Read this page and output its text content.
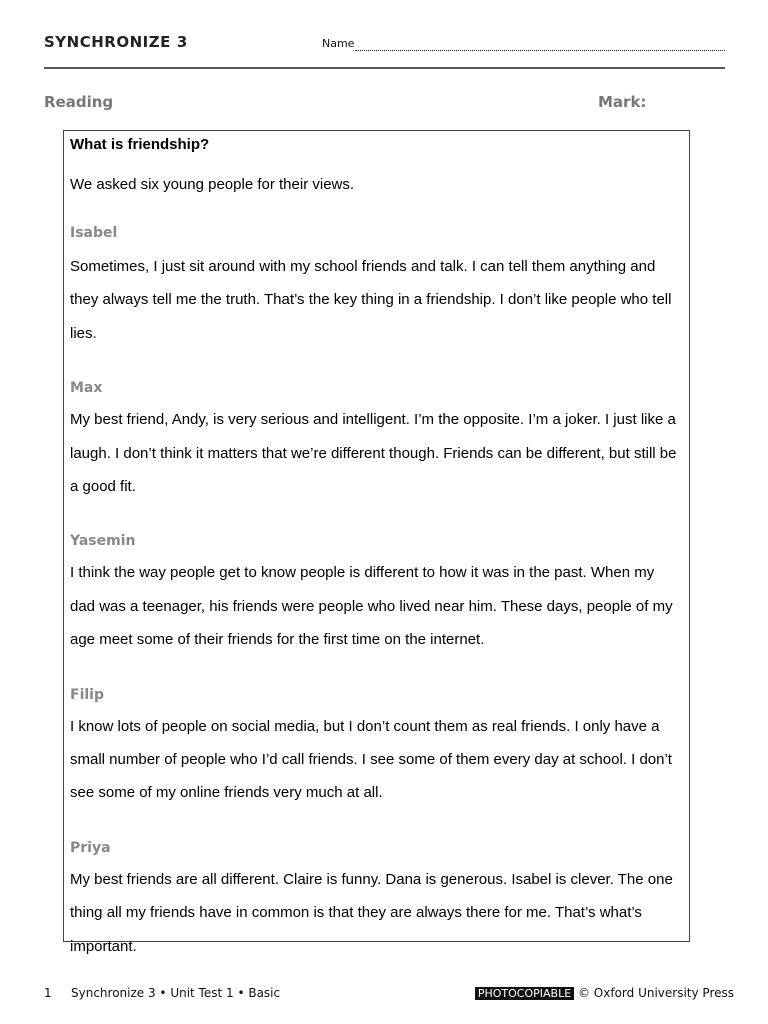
SYNCHRONIZE 3	Name
Reading	Mark:

What is friendship?

We asked six young people for their views.

Isabel

Sometimes, I just sit around with my school friends and talk. I can tell them anything and they always tell me the truth. That’s the key thing in a friendship. I don’t like people who tell lies.

Max

My best friend, Andy, is very serious and intelligent. I’m the opposite. I’m a joker. I just like a laugh. I don’t think it matters that we’re different though. Friends can be different, but still be a good fit.

Yasemin

I think the way people get to know people is different to how it was in the past. When my dad was a teenager, his friends were people who lived near him. These days, people of my age meet some of their friends for the first time on the internet.

Filip

I know lots of people on social media, but I don’t count them as real friends. I only have a small number of people who I’d call friends. I see some of them every day at school. I don’t see some of my online friends very much at all.

Priya

My best friends are all different. Claire is funny. Dana is generous. Isabel is clever. The one thing all my friends have in common is that they are always there for me. That’s what’s important.

1 Synchronize 3 • Unit Test 1 • Basic	PHOTOCOPIABLE © Oxford University Press
